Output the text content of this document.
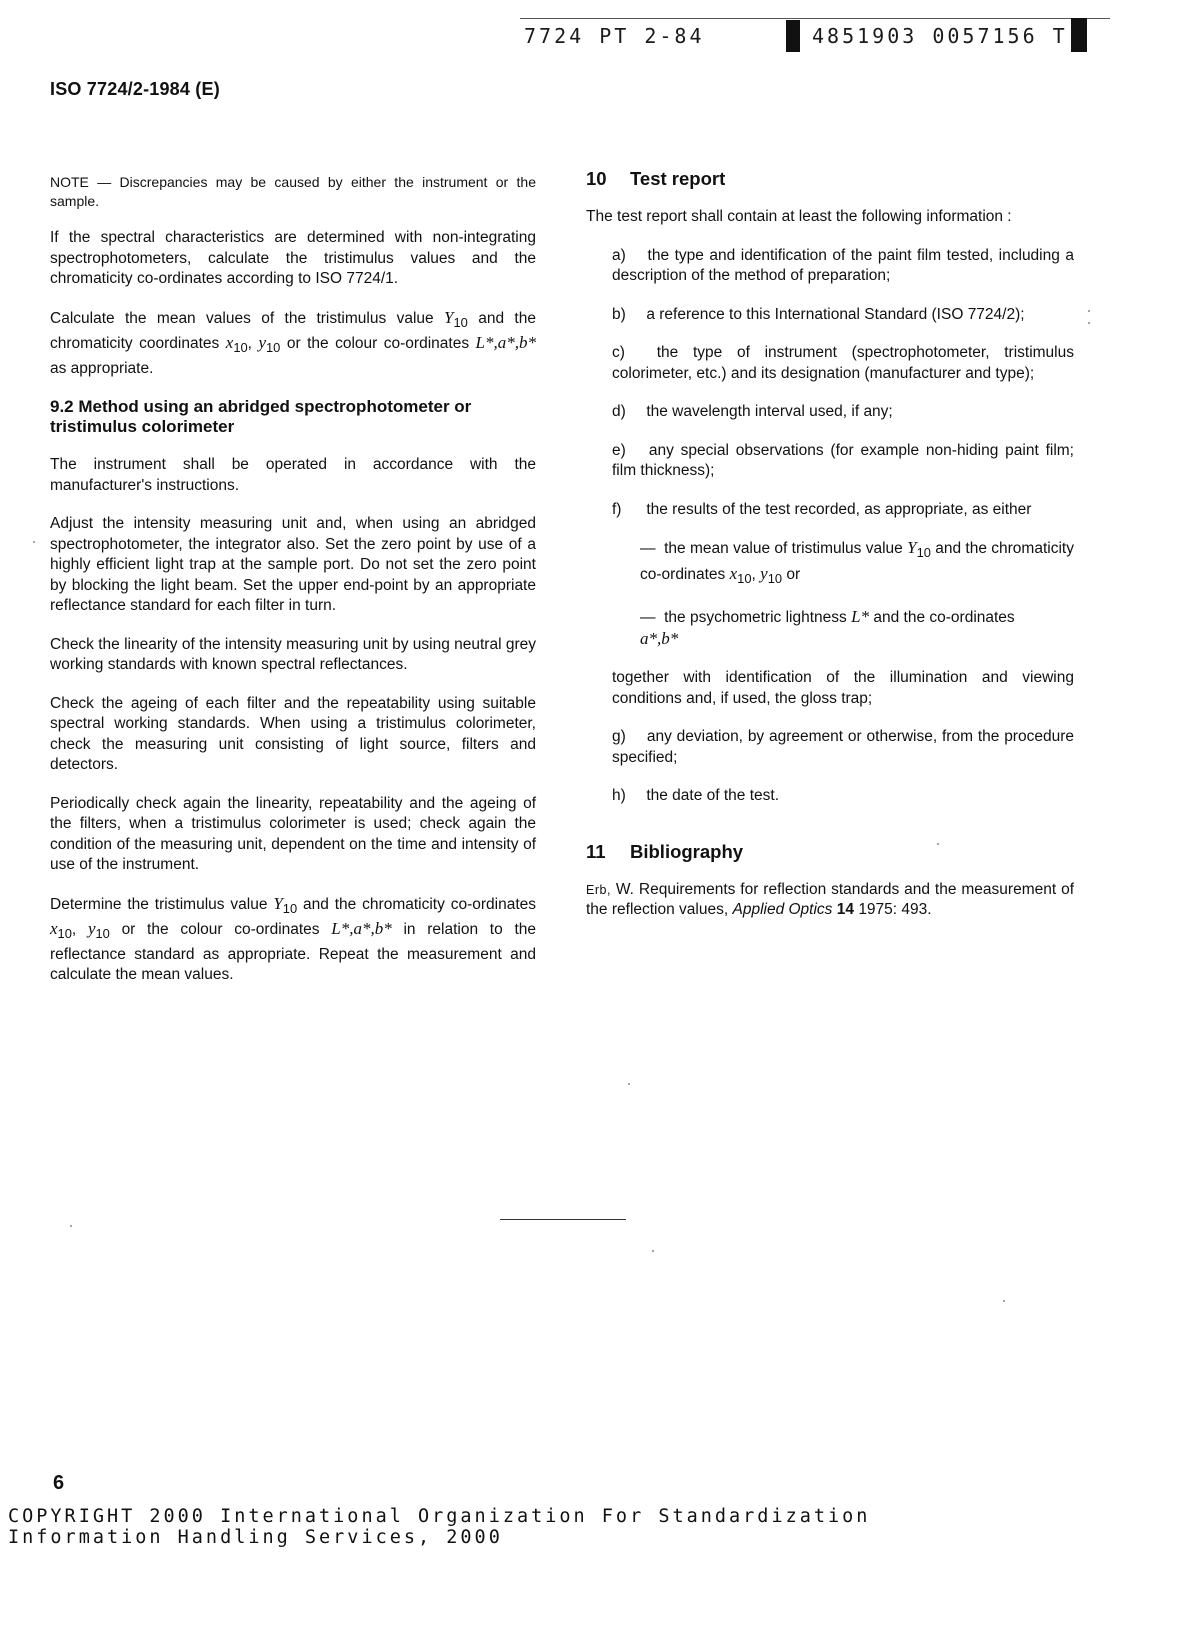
7724 PT 2-84	4851903 0057156 T
ISO 7724/2-1984 (E)

NOTE — Discrepancies may be caused by either the instrument or the sample.

If the spectral characteristics are determined with non-integrating spectrophotometers, calculate the tristimulus values and the chromaticity co-ordinates according to ISO 7724/1.

Calculate the mean values of the tristimulus value $Y_{10}$ and the chromaticity coordinates $x_{10}$, $y_{10}$ or the colour co-ordinates L*,a*,b* as appropriate.

9.2 Method using an abridged spectrophotometer or tristimulus colorimeter

The instrument shall be operated in accordance with the manufacturer's instructions.

Adjust the intensity measuring unit and, when using an abridged spectrophotometer, the integrator also. Set the zero point by use of a highly efficient light trap at the sample port. Do not set the zero point by blocking the light beam. Set the upper end-point by an appropriate reflectance standard for each filter in turn.

Check the linearity of the intensity measuring unit by using neutral grey working standards with known spectral reflectances.

Check the ageing of each filter and the repeatability using suitable spectral working standards. When using a tristimulus colorimeter, check the measuring unit consisting of light source, filters and detectors.

Periodically check again the linearity, repeatability and the ageing of the filters, when a tristimulus colorimeter is used; check again the condition of the measuring unit, dependent on the time and intensity of use of the instrument.

Determine the tristimulus value $Y_{10}$ and the chromaticity co-ordinates $x_{10}$, $y_{10}$ or the colour co-ordinates L*,a*,b* in relation to the reflectance standard as appropriate. Repeat the measurement and calculate the mean values.

10 Test report

The test report shall contain at least the following information :

a) the type and identification of the paint film tested, including a description of the method of preparation;

b) a reference to this International Standard (ISO 7724/2);

c) the type of instrument (spectrophotometer, tristimulus colorimeter, etc.) and its designation (manufacturer and type);

d) the wavelength interval used, if any;

e) any special observations (for example non-hiding paint film; film thickness);

f) the results of the test recorded, as appropriate, as either

— the mean value of tristimulus value $Y_{10}$ and the chromaticity co-ordinates $x_{10}$, $y_{10}$ or

— the psychometric lightness L* and the co-ordinates
a*,b*

together with identification of the illumination and viewing conditions and, if used, the gloss trap;

g) any deviation, by agreement or otherwise, from the procedure specified;

h) the date of the test.

11 Bibliography

Erb, W. Requirements for reflection standards and the measurement of the reflection values, Applied Optics 14 1975: 493.

6
COPYRIGHT 2000 International Organization For Standardization
Information Handling Services, 2000
